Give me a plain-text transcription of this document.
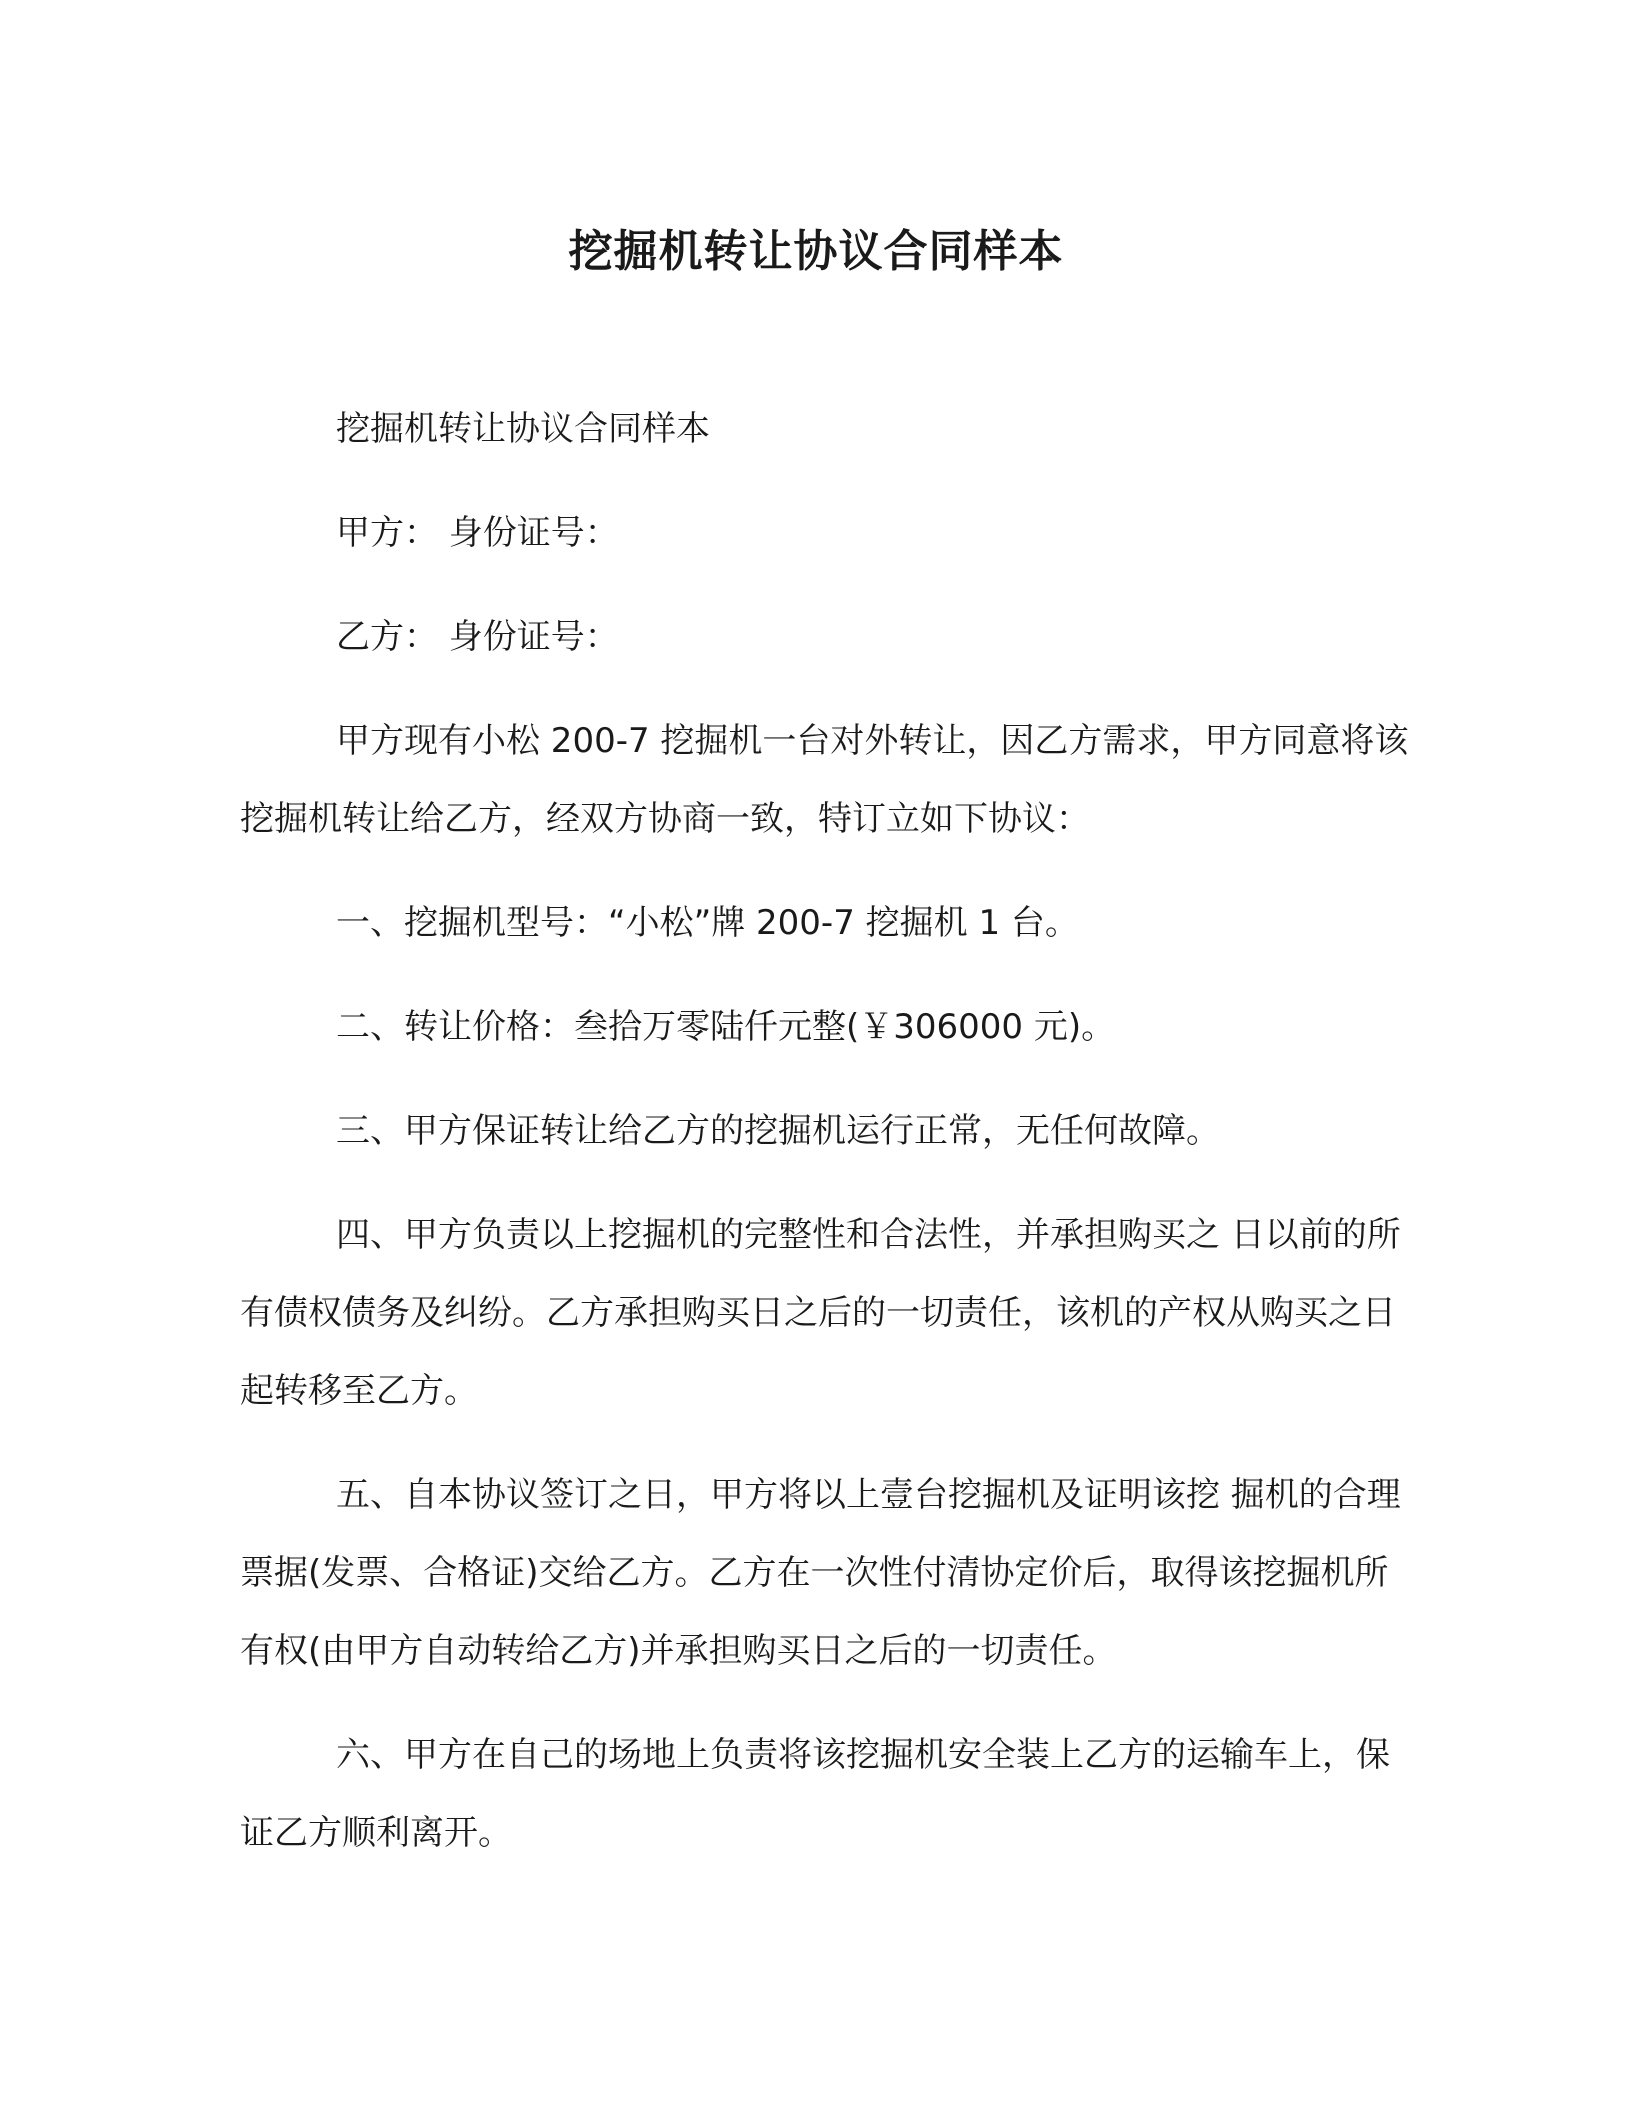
挖掘机转让协议合同样本

挖掘机转让协议合同样本

甲方： 身份证号：

乙方： 身份证号：

甲方现有小松 200-7 挖掘机一台对外转让，因乙方需求，甲方同意将该挖掘机转让给乙方，经双方协商一致，特订立如下协议：

一、挖掘机型号：“小松”牌 200-7 挖掘机 1 台。

二、转让价格：叁拾万零陆仟元整(￥306000 元)。

三、甲方保证转让给乙方的挖掘机运行正常，无任何故障。

四、甲方负责以上挖掘机的完整性和合法性，并承担购买之 日以前的所有债权债务及纠纷。乙方承担购买日之后的一切责任，该机的产权从购买之日起转移至乙方。

五、自本协议签订之日，甲方将以上壹台挖掘机及证明该挖 掘机的合理票据(发票、合格证)交给乙方。乙方在一次性付清协定价后，取得该挖掘机所有权(由甲方自动转给乙方)并承担购买日之后的一切责任。

六、甲方在自己的场地上负责将该挖掘机安全装上乙方的运输车上，保证乙方顺利离开。
